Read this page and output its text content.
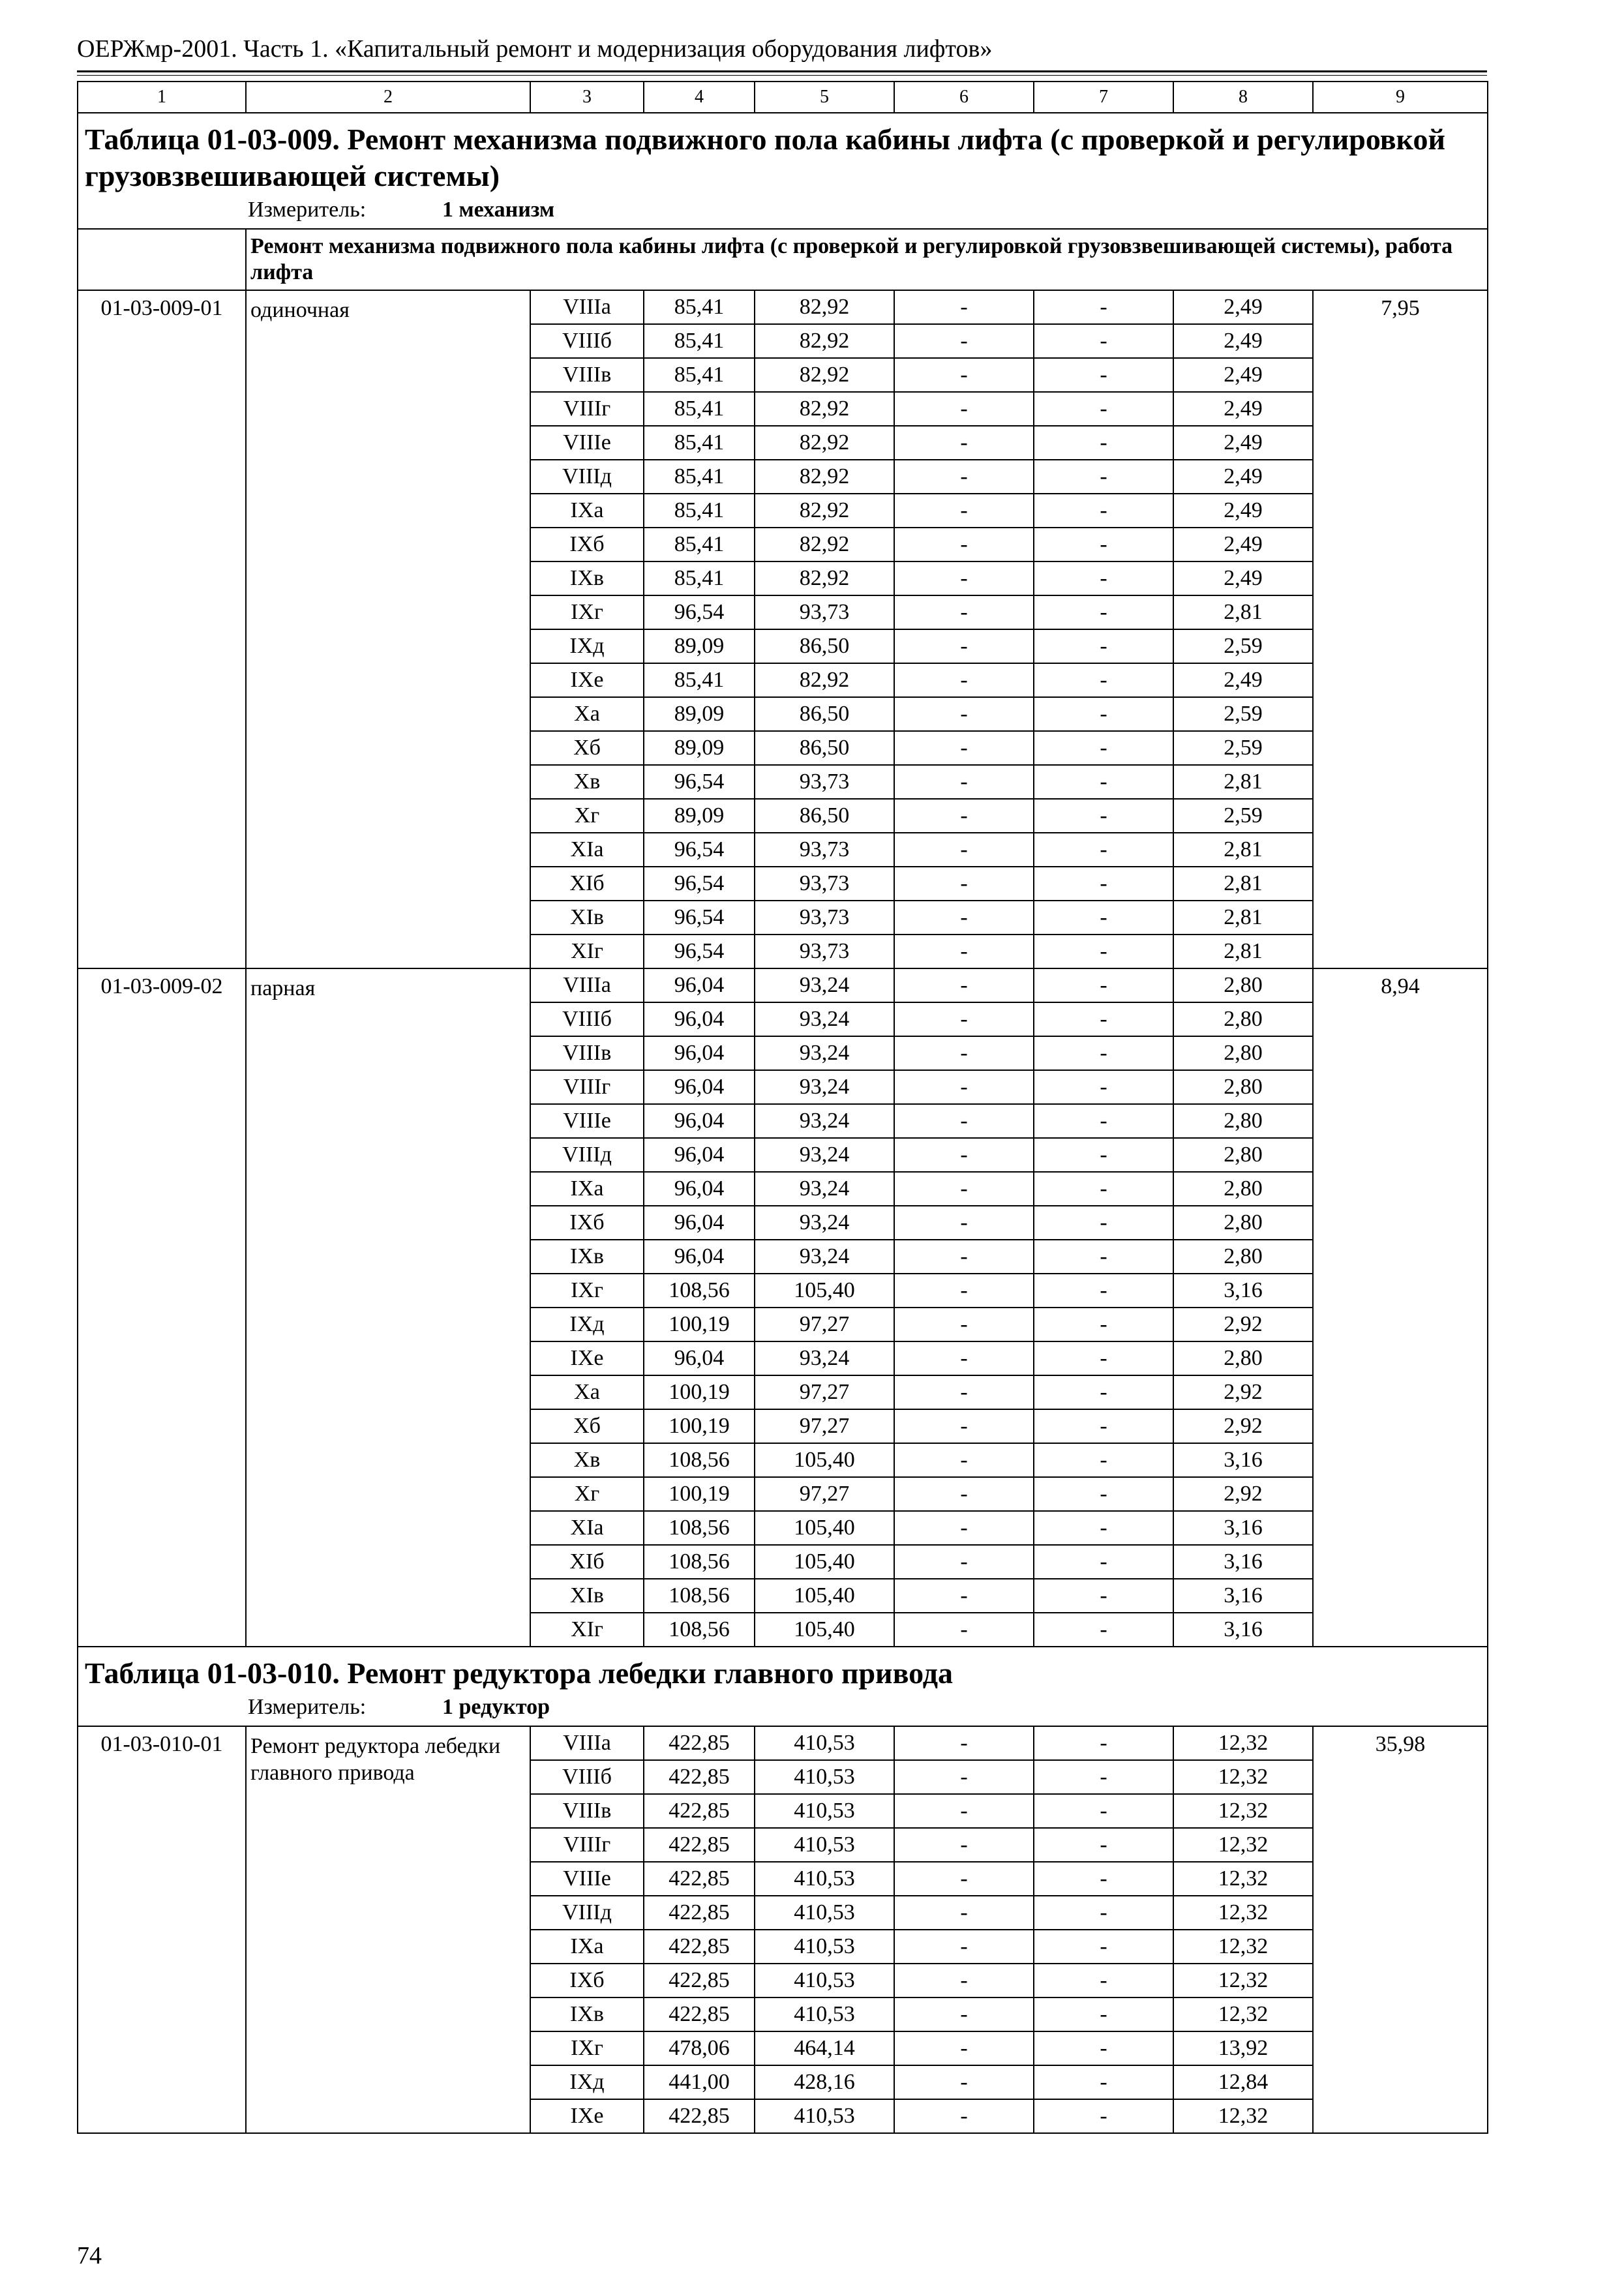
ОЕРЖмр-2001. Часть 1. «Капитальный ремонт и модернизация оборудования лифтов»
1	2	3	4	5	6	7	8	9

Таблица 01-03-009. Ремонт механизма подвижного пола кабины лифта (с проверкой и регулировкой грузовзвешивающей системы)
Измеритель: 1 механизм								

	Ремонт механизма подвижного пола кабины лифта (с проверкой и регулировкой грузовзвешивающей системы), работа лифта							
01-03-009-01	одиночная	VIIIа	85,41	82,92	-	-	2,49	7,95
		VIIIб	85,41	82,92	-	-	2,49	
		VIIIв	85,41	82,92	-	-	2,49	
		VIIIг	85,41	82,92	-	-	2,49	
		VIIIе	85,41	82,92	-	-	2,49	
		VIIIд	85,41	82,92	-	-	2,49	
		IXа	85,41	82,92	-	-	2,49	
		IXб	85,41	82,92	-	-	2,49	
		IXв	85,41	82,92	-	-	2,49	
		IXг	96,54	93,73	-	-	2,81	
		IXд	89,09	86,50	-	-	2,59	
		IXе	85,41	82,92	-	-	2,49	
		Xа	89,09	86,50	-	-	2,59	
		Xб	89,09	86,50	-	-	2,59	
		Xв	96,54	93,73	-	-	2,81	
		Xг	89,09	86,50	-	-	2,59	
		XIа	96,54	93,73	-	-	2,81	
		XIб	96,54	93,73	-	-	2,81	
		XIв	96,54	93,73	-	-	2,81	
		XIг	96,54	93,73	-	-	2,81	
01-03-009-02	парная	VIIIа	96,04	93,24	-	-	2,80	8,94
		VIIIб	96,04	93,24	-	-	2,80	
		VIIIв	96,04	93,24	-	-	2,80	
		VIIIг	96,04	93,24	-	-	2,80	
		VIIIе	96,04	93,24	-	-	2,80	
		VIIIд	96,04	93,24	-	-	2,80	
		IXа	96,04	93,24	-	-	2,80	
		IXб	96,04	93,24	-	-	2,80	
		IXв	96,04	93,24	-	-	2,80	
		IXг	108,56	105,40	-	-	3,16	
		IXд	100,19	97,27	-	-	2,92	
		IXе	96,04	93,24	-	-	2,80	
		Xа	100,19	97,27	-	-	2,92	
		Xб	100,19	97,27	-	-	2,92	
		Xв	108,56	105,40	-	-	3,16	
		Xг	100,19	97,27	-	-	2,92	
		XIа	108,56	105,40	-	-	3,16	
		XIб	108,56	105,40	-	-	3,16	
		XIв	108,56	105,40	-	-	3,16	
		XIг	108,56	105,40	-	-	3,16	

Таблица 01-03-010. Ремонт редуктора лебедки главного привода
Измеритель: 1 редуктор								

01-03-010-01	Ремонт редуктора лебедки главного привода	VIIIа	422,85	410,53	-	-	12,32	35,98
		VIIIб	422,85	410,53	-	-	12,32	
		VIIIв	422,85	410,53	-	-	12,32	
		VIIIг	422,85	410,53	-	-	12,32	
		VIIIе	422,85	410,53	-	-	12,32	
		VIIIд	422,85	410,53	-	-	12,32	
		IXа	422,85	410,53	-	-	12,32	
		IXб	422,85	410,53	-	-	12,32	
		IXв	422,85	410,53	-	-	12,32	
		IXг	478,06	464,14	-	-	13,92	
		IXд	441,00	428,16	-	-	12,84	
		IXе	422,85	410,53	-	-	12,32	
74
